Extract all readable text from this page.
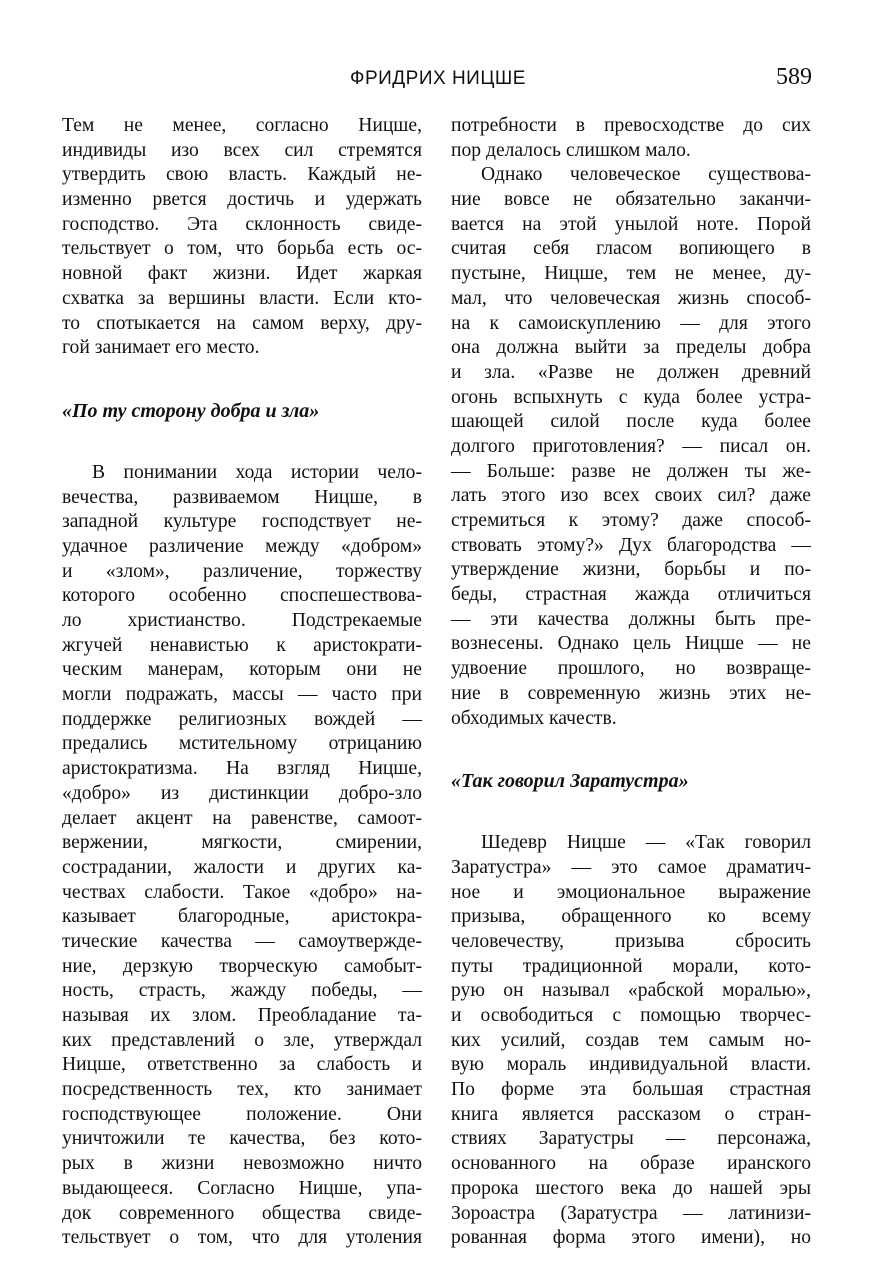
ФРИДРИХ НИЦШЕ	589
Тем не менее, согласно Ницше,
индивиды изо всех сил стремятся
утвердить свою власть. Каждый не-
изменно рвется достичь и удержать
господство. Эта склонность свиде-
тельствует о том, что борьба есть ос-
новной факт жизни. Идет жаркая
схватка за вершины власти. Если кто-
то спотыкается на самом верху, дру-
гой занимает его место.
«По ту сторону добра и зла»
В понимании хода истории чело-
вечества, развиваемом Ницше, в
западной культуре господствует не-
удачное различение между «добром»
и «злом», различение, торжеству
которого особенно споспешествова-
ло христианство. Подстрекаемые
жгучей ненавистью к аристократи-
ческим манерам, которым они не
могли подражать, массы — часто при
поддержке религиозных вождей —
предались мстительному отрицанию
аристократизма. На взгляд Ницше,
«добро» из дистинкции добро-зло
делает акцент на равенстве, самоот-
вержении, мягкости, смирении,
сострадании, жалости и других ка-
чествах слабости. Такое «добро» на-
казывает благородные, аристокра-
тические качества — самоутвержде-
ние, дерзкую творческую самобыт-
ность, страсть, жажду победы, —
называя их злом. Преобладание та-
ких представлений о зле, утверждал
Ницше, ответственно за слабость и
посредственность тех, кто занимает
господствующее положение. Они
уничтожили те качества, без кото-
рых в жизни невозможно ничто
выдающееся. Согласно Ницше, упа-
док современного общества свиде-
тельствует о том, что для утоления
потребности в превосходстве до сих
пор делалось слишком мало.
Однако человеческое существова-
ние вовсе не обязательно заканчи-
вается на этой унылой ноте. Порой
считая себя гласом вопиющего в
пустыне, Ницше, тем не менее, ду-
мал, что человеческая жизнь способ-
на к самоискуплению — для этого
она должна выйти за пределы добра
и зла. «Разве не должен древний
огонь вспыхнуть с куда более устра-
шающей силой после куда более
долгого приготовления? — писал он.
— Больше: разве не должен ты же-
лать этого изо всех своих сил? даже
стремиться к этому? даже способ-
ствовать этому?» Дух благородства —
утверждение жизни, борьбы и по-
беды, страстная жажда отличиться
— эти качества должны быть пре-
вознесены. Однако цель Ницше — не
удвоение прошлого, но возвраще-
ние в современную жизнь этих не-
обходимых качеств.
«Так говорил Заратустра»
Шедевр Ницше — «Так говорил
Заратустра» — это самое драматич-
ное и эмоциональное выражение
призыва, обращенного ко всему
человечеству, призыва сбросить
путы традиционной морали, кото-
рую он называл «рабской моралью»,
и освободиться с помощью творчес-
ких усилий, создав тем самым но-
вую мораль индивидуальной власти.
По форме эта большая страстная
книга является рассказом о стран-
ствиях Заратустры — персонажа,
основанного на образе иранского
пророка шестого века до нашей эры
Зороастра (Заратустра — латинизи-
рованная форма этого имени), но
